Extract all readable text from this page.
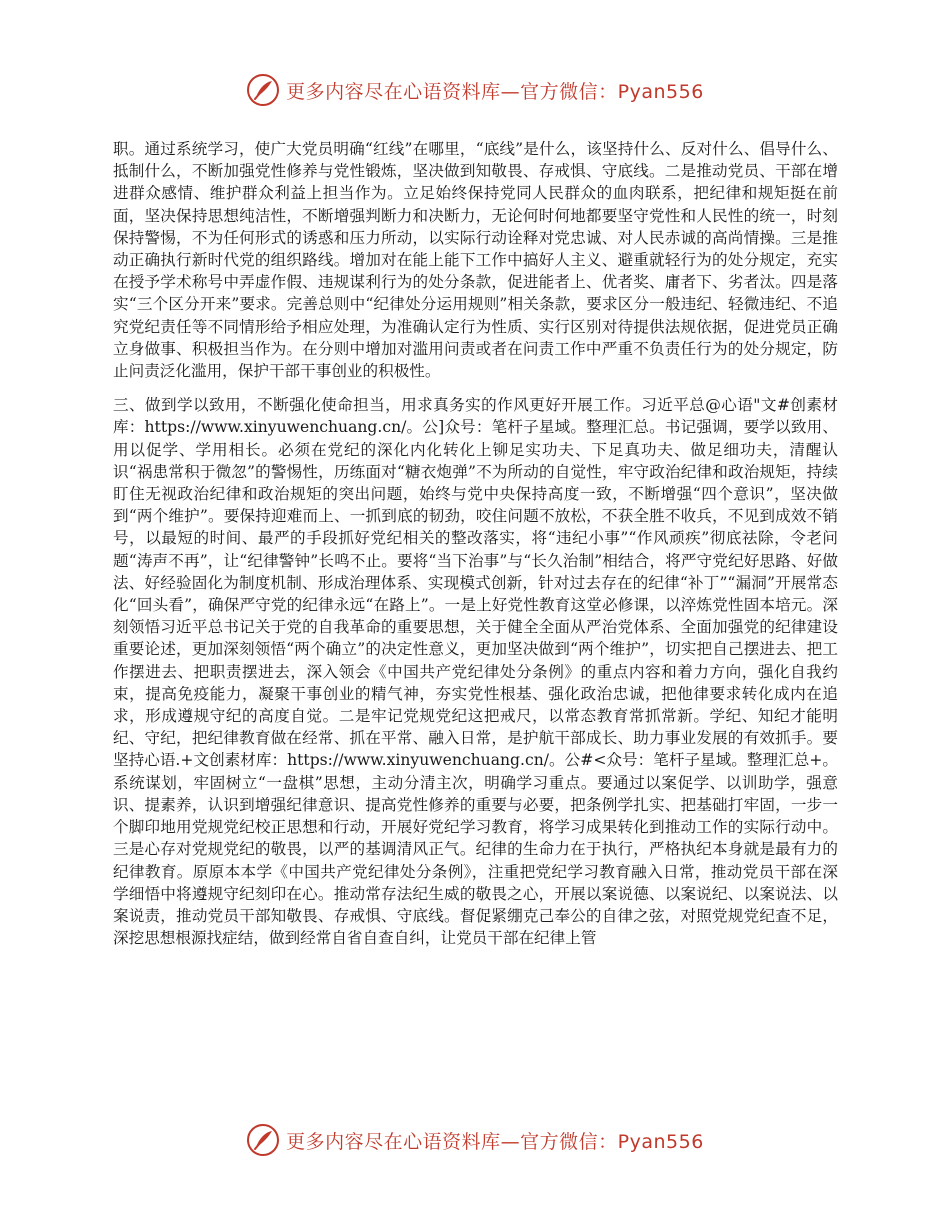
更多内容尽在心语资料库—官方微信：Pyan556

职。通过系统学习，使广大党员明确“红线”在哪里，“底线”是什么，该坚持什么、反对什么、倡导什么、抵制什么，不断加强党性修养与党性锻炼，坚决做到知敬畏、存戒惧、守底线。二是推动党员、干部在增进群众感情、维护群众利益上担当作为。立足始终保持党同人民群众的血肉联系，把纪律和规矩挺在前面，坚决保持思想纯洁性，不断增强判断力和决断力，无论何时何地都要坚守党性和人民性的统一，时刻保持警惕，不为任何形式的诱惑和压力所动，以实际行动诠释对党忠诚、对人民赤诚的高尚情操。三是推动正确执行新时代党的组织路线。增加对在能上能下工作中搞好人主义、避重就轻行为的处分规定，充实在授予学术称号中弄虚作假、违规谋利行为的处分条款，促进能者上、优者奖、庸者下、劣者汰。四是落实“三个区分开来”要求。完善总则中“纪律处分运用规则”相关条款，要求区分一般违纪、轻微违纪、不追究党纪责任等不同情形给予相应处理，为准确认定行为性质、实行区别对待提供法规依据，促进党员正确立身做事、积极担当作为。在分则中增加对滥用问责或者在问责工作中严重不负责任行为的处分规定，防止问责泛化滥用，保护干部干事创业的积极性。

三、做到学以致用，不断强化使命担当，用求真务实的作风更好开展工作。习近平总@心语"文#创素材库：https://www.xinyuwenchuang.cn/。公]众号：笔杆子星域。整理汇总。书记强调，要学以致用、用以促学、学用相长。必须在党纪的深化内化转化上铆足实功夫、下足真功夫、做足细功夫，清醒认识“祸患常积于微忽”的警惕性，历练面对“糖衣炮弹”不为所动的自觉性，牢守政治纪律和政治规矩，持续盯住无视政治纪律和政治规矩的突出问题，始终与党中央保持高度一致，不断增强“四个意识”，坚决做到“两个维护”。要保持迎难而上、一抓到底的韧劲，咬住问题不放松，不获全胜不收兵，不见到成效不销号，以最短的时间、最严的手段抓好党纪相关的整改落实，将“违纪小事”“作风顽疾”彻底祛除，令老问题“涛声不再”，让“纪律警钟”长鸣不止。要将“当下治事”与“长久治制”相结合，将严守党纪好思路、好做法、好经验固化为制度机制、形成治理体系、实现模式创新，针对过去存在的纪律“补丁”“漏洞”开展常态化“回头看”，确保严守党的纪律永远“在路上”。一是上好党性教育这堂必修课，以淬炼党性固本培元。深刻领悟习近平总书记关于党的自我革命的重要思想，关于健全全面从严治党体系、全面加强党的纪律建设重要论述，更加深刻领悟“两个确立”的决定性意义，更加坚决做到“两个维护”，切实把自己摆进去、把工作摆进去、把职责摆进去，深入领会《中国共产党纪律处分条例》的重点内容和着力方向，强化自我约束，提高免疫能力，凝聚干事创业的精气神，夯实党性根基、强化政治忠诚，把他律要求转化成内在追求，形成遵规守纪的高度自觉。二是牢记党规党纪这把戒尺，以常态教育常抓常新。学纪、知纪才能明纪、守纪，把纪律教育做在经常、抓在平常、融入日常，是护航干部成长、助力事业发展的有效抓手。要坚持心语.+文创素材库：https://www.xinyuwenchuang.cn/。公#<众号：笔杆子星域。整理汇总+。系统谋划，牢固树立“一盘棋”思想，主动分清主次，明确学习重点。要通过以案促学、以训助学，强意识、提素养，认识到增强纪律意识、提高党性修养的重要与必要，把条例学扎实、把基础打牢固，一步一个脚印地用党规党纪校正思想和行动，开展好党纪学习教育，将学习成果转化到推动工作的实际行动中。三是心存对党规党纪的敬畏，以严的基调清风正气。纪律的生命力在于执行，严格执纪本身就是最有力的纪律教育。原原本本学《中国共产党纪律处分条例》，注重把党纪学习教育融入日常，推动党员干部在深学细悟中将遵规守纪刻印在心。推动常存法纪生威的敬畏之心，开展以案说德、以案说纪、以案说法、以案说责，推动党员干部知敬畏、存戒惧、守底线。督促紧绷克己奉公的自律之弦，对照党规党纪查不足，深挖思想根源找症结，做到经常自省自查自纠，让党员干部在纪律上管

更多内容尽在心语资料库—官方微信：Pyan556
